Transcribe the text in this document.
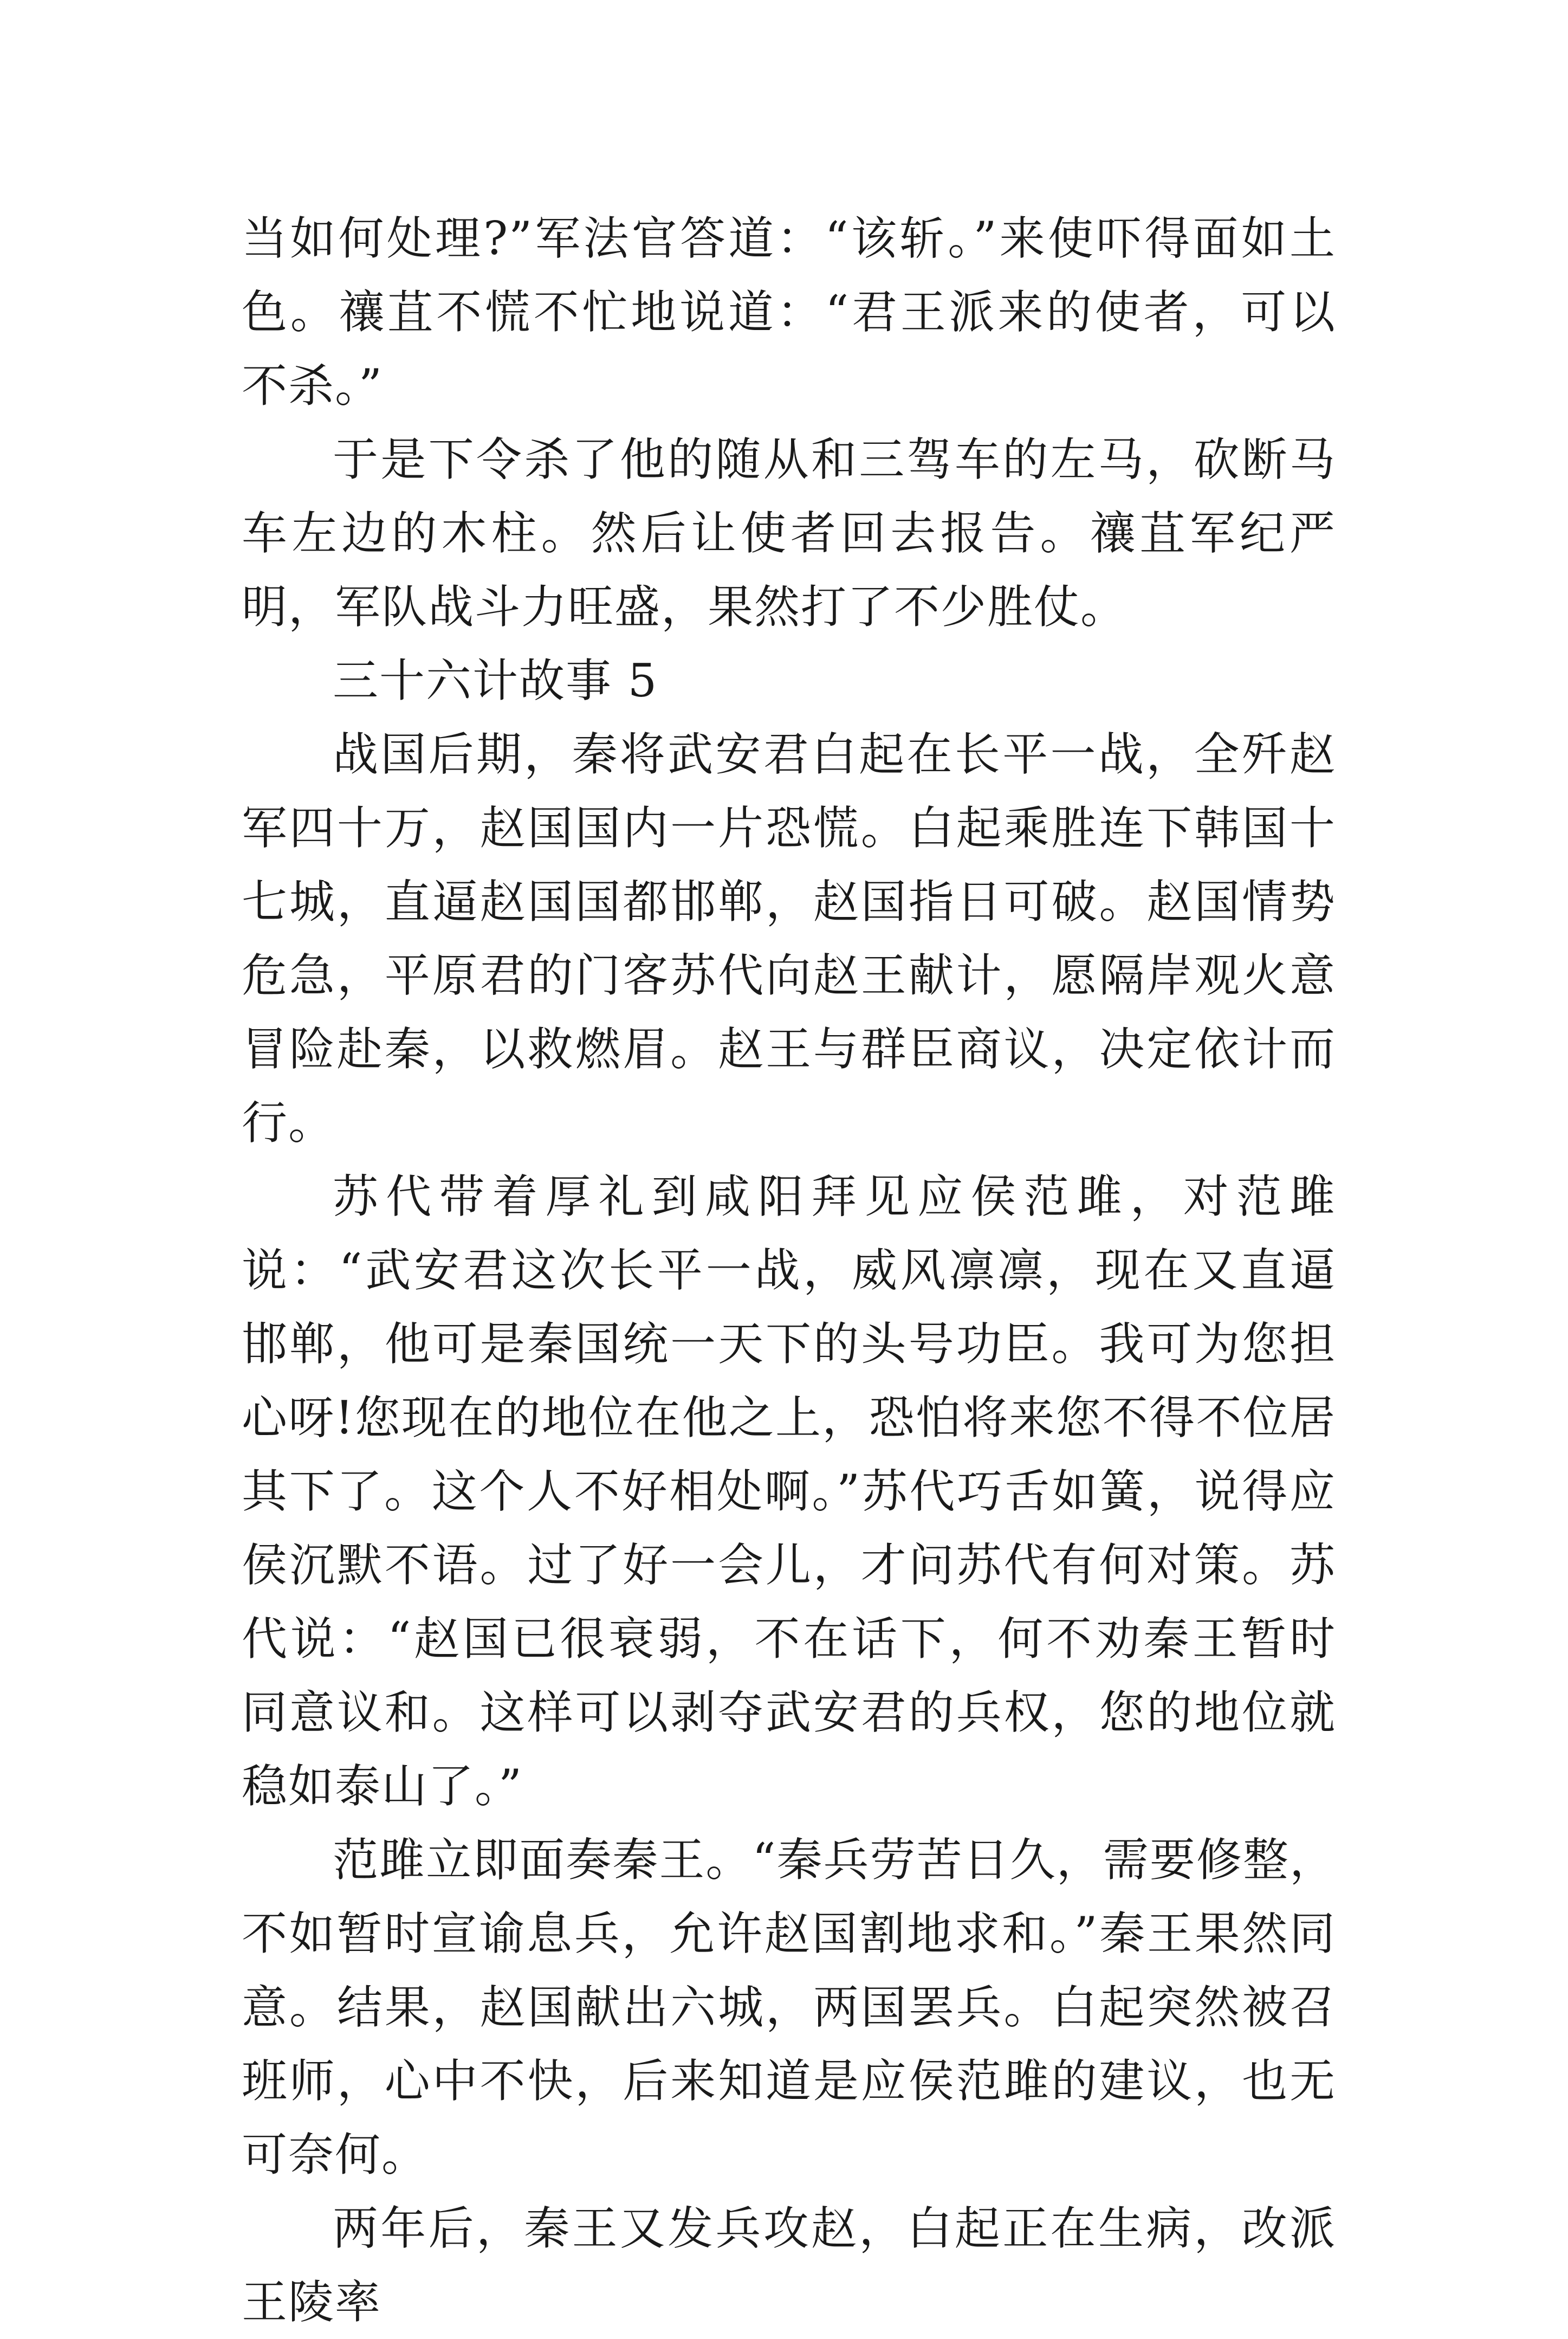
当如何处理?”军法官答道：“该斩。”来使吓得面如土色。禳苴不慌不忙地说道：“君王派来的使者，可以不杀。”

于是下令杀了他的随从和三驾车的左马，砍断马车左边的木柱。然后让使者回去报告。禳苴军纪严明，军队战斗力旺盛，果然打了不少胜仗。

三十六计故事 5

战国后期，秦将武安君白起在长平一战，全歼赵军四十万，赵国国内一片恐慌。白起乘胜连下韩国十七城，直逼赵国国都邯郸，赵国指日可破。赵国情势危急，平原君的门客苏代向赵王献计，愿隔岸观火意冒险赴秦，以救燃眉。赵王与群臣商议，决定依计而行。

苏代带着厚礼到咸阳拜见应侯范雎，对范雎说：“武安君这次长平一战，威风凛凛，现在又直逼邯郸，他可是秦国统一天下的头号功臣。我可为您担心呀!您现在的地位在他之上，恐怕将来您不得不位居其下了。这个人不好相处啊。”苏代巧舌如簧，说得应侯沉默不语。过了好一会儿，才问苏代有何对策。苏代说：“赵国已很衰弱，不在话下，何不劝秦王暂时同意议和。这样可以剥夺武安君的兵权，您的地位就稳如泰山了。”

范雎立即面奏秦王。“秦兵劳苦日久，需要修整，不如暂时宣谕息兵，允许赵国割地求和。”秦王果然同意。结果，赵国献出六城，两国罢兵。白起突然被召班师，心中不快，后来知道是应侯范雎的建议，也无可奈何。

两年后，秦王又发兵攻赵，白起正在生病，改派王陵率
